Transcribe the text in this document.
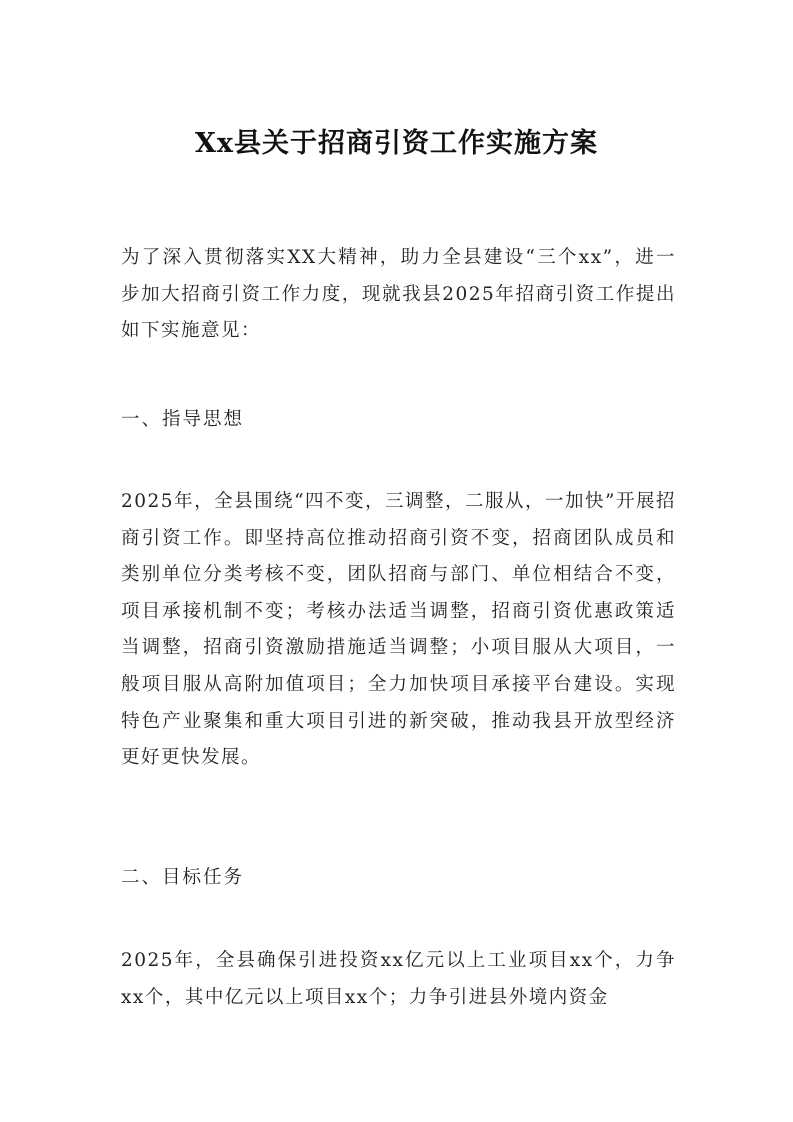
Xx县关于招商引资工作实施方案

为了深入贯彻落实XX大精神，助力全县建设“三个xx”，进一步加大招商引资工作力度，现就我县2025年招商引资工作提出如下实施意见：

一、指导思想

2025年，全县围绕“四不变，三调整，二服从，一加快”开展招商引资工作。即坚持高位推动招商引资不变，招商团队成员和类别单位分类考核不变，团队招商与部门、单位相结合不变，项目承接机制不变；考核办法适当调整，招商引资优惠政策适当调整，招商引资激励措施适当调整；小项目服从大项目，一般项目服从高附加值项目；全力加快项目承接平台建设。实现特色产业聚集和重大项目引进的新突破，推动我县开放型经济更好更快发展。

二、目标任务

2025年，全县确保引进投资xx亿元以上工业项目xx个，力争xx个，其中亿元以上项目xx个；力争引进县外境内资金
